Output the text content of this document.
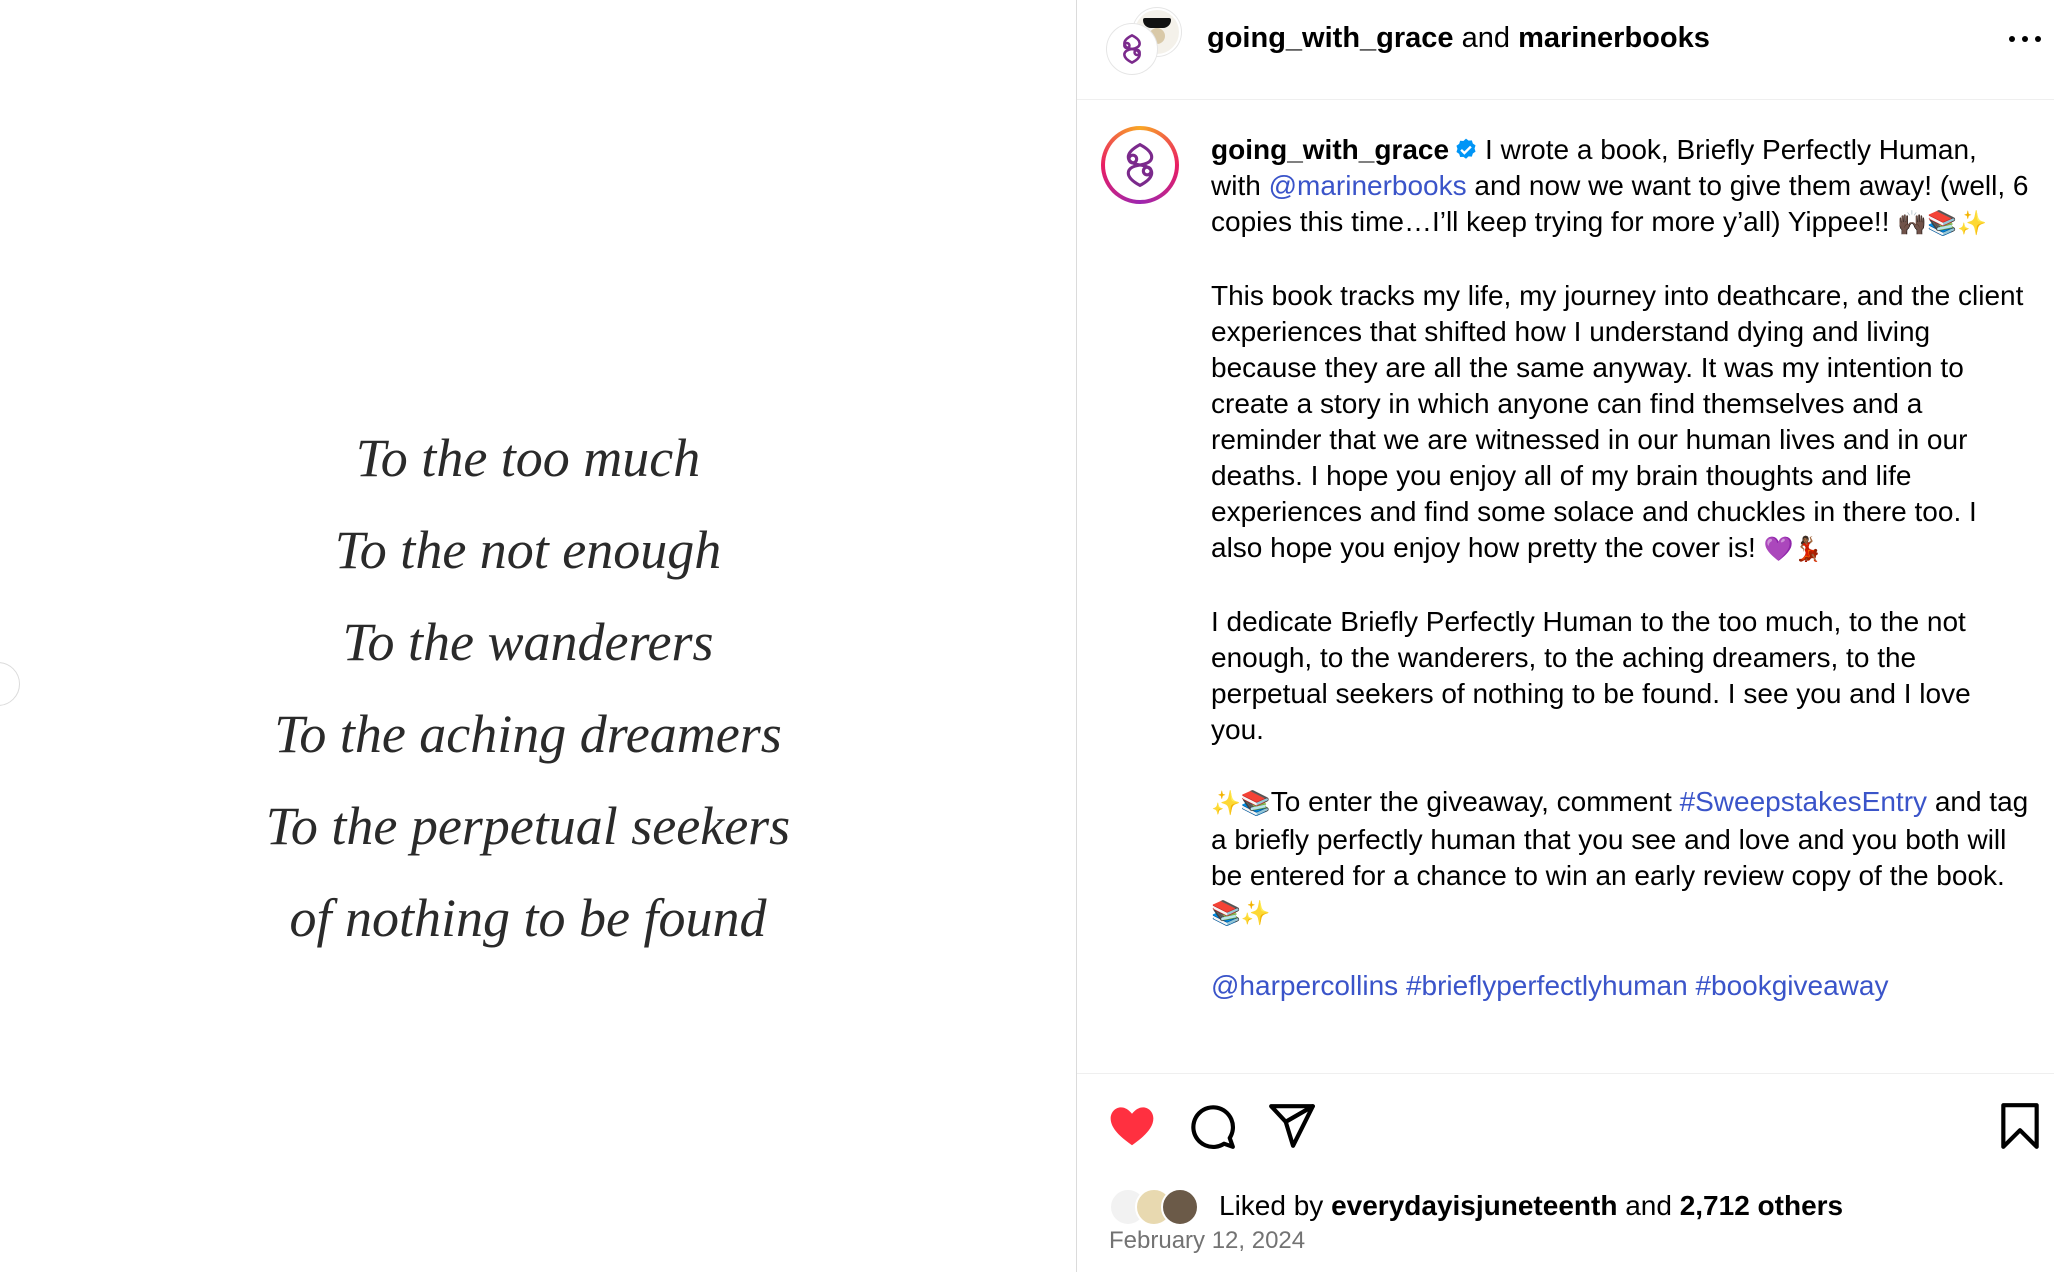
To the too much
To the not enough
To the wanderers
To the aching dreamers
To the perpetual seekers
of nothing to be found
going_with_grace and marinerbooks

going_with_grace I wrote a book, Briefly Perfectly Human, with @marinerbooks and now we want to give them away! (well, 6 copies this time…I’ll keep trying for more y’all) Yippee!! 🙌🏿📚✨

This book tracks my life, my journey into deathcare, and the client experiences that shifted how I understand dying and living because they are all the same anyway. It was my intention to create a story in which anyone can find themselves and a reminder that we are witnessed in our human lives and in our deaths. I hope you enjoy all of my brain thoughts and life experiences and find some solace and chuckles in there too. I also hope you enjoy how pretty the cover is! 💜💃🏾

I dedicate Briefly Perfectly Human to the too much, to the not enough, to the wanderers, to the aching dreamers, to the perpetual seekers of nothing to be found. I see you and I love you.

✨📚To enter the giveaway, comment #SweepstakesEntry and tag a briefly perfectly human that you see and love and you both will be entered for a chance to win an early review copy of the book. 📚✨

@harpercollins #brieflyperfectlyhuman #bookgiveaway

Liked by everydayisjuneteenth and 2,712 others
February 12, 2024
